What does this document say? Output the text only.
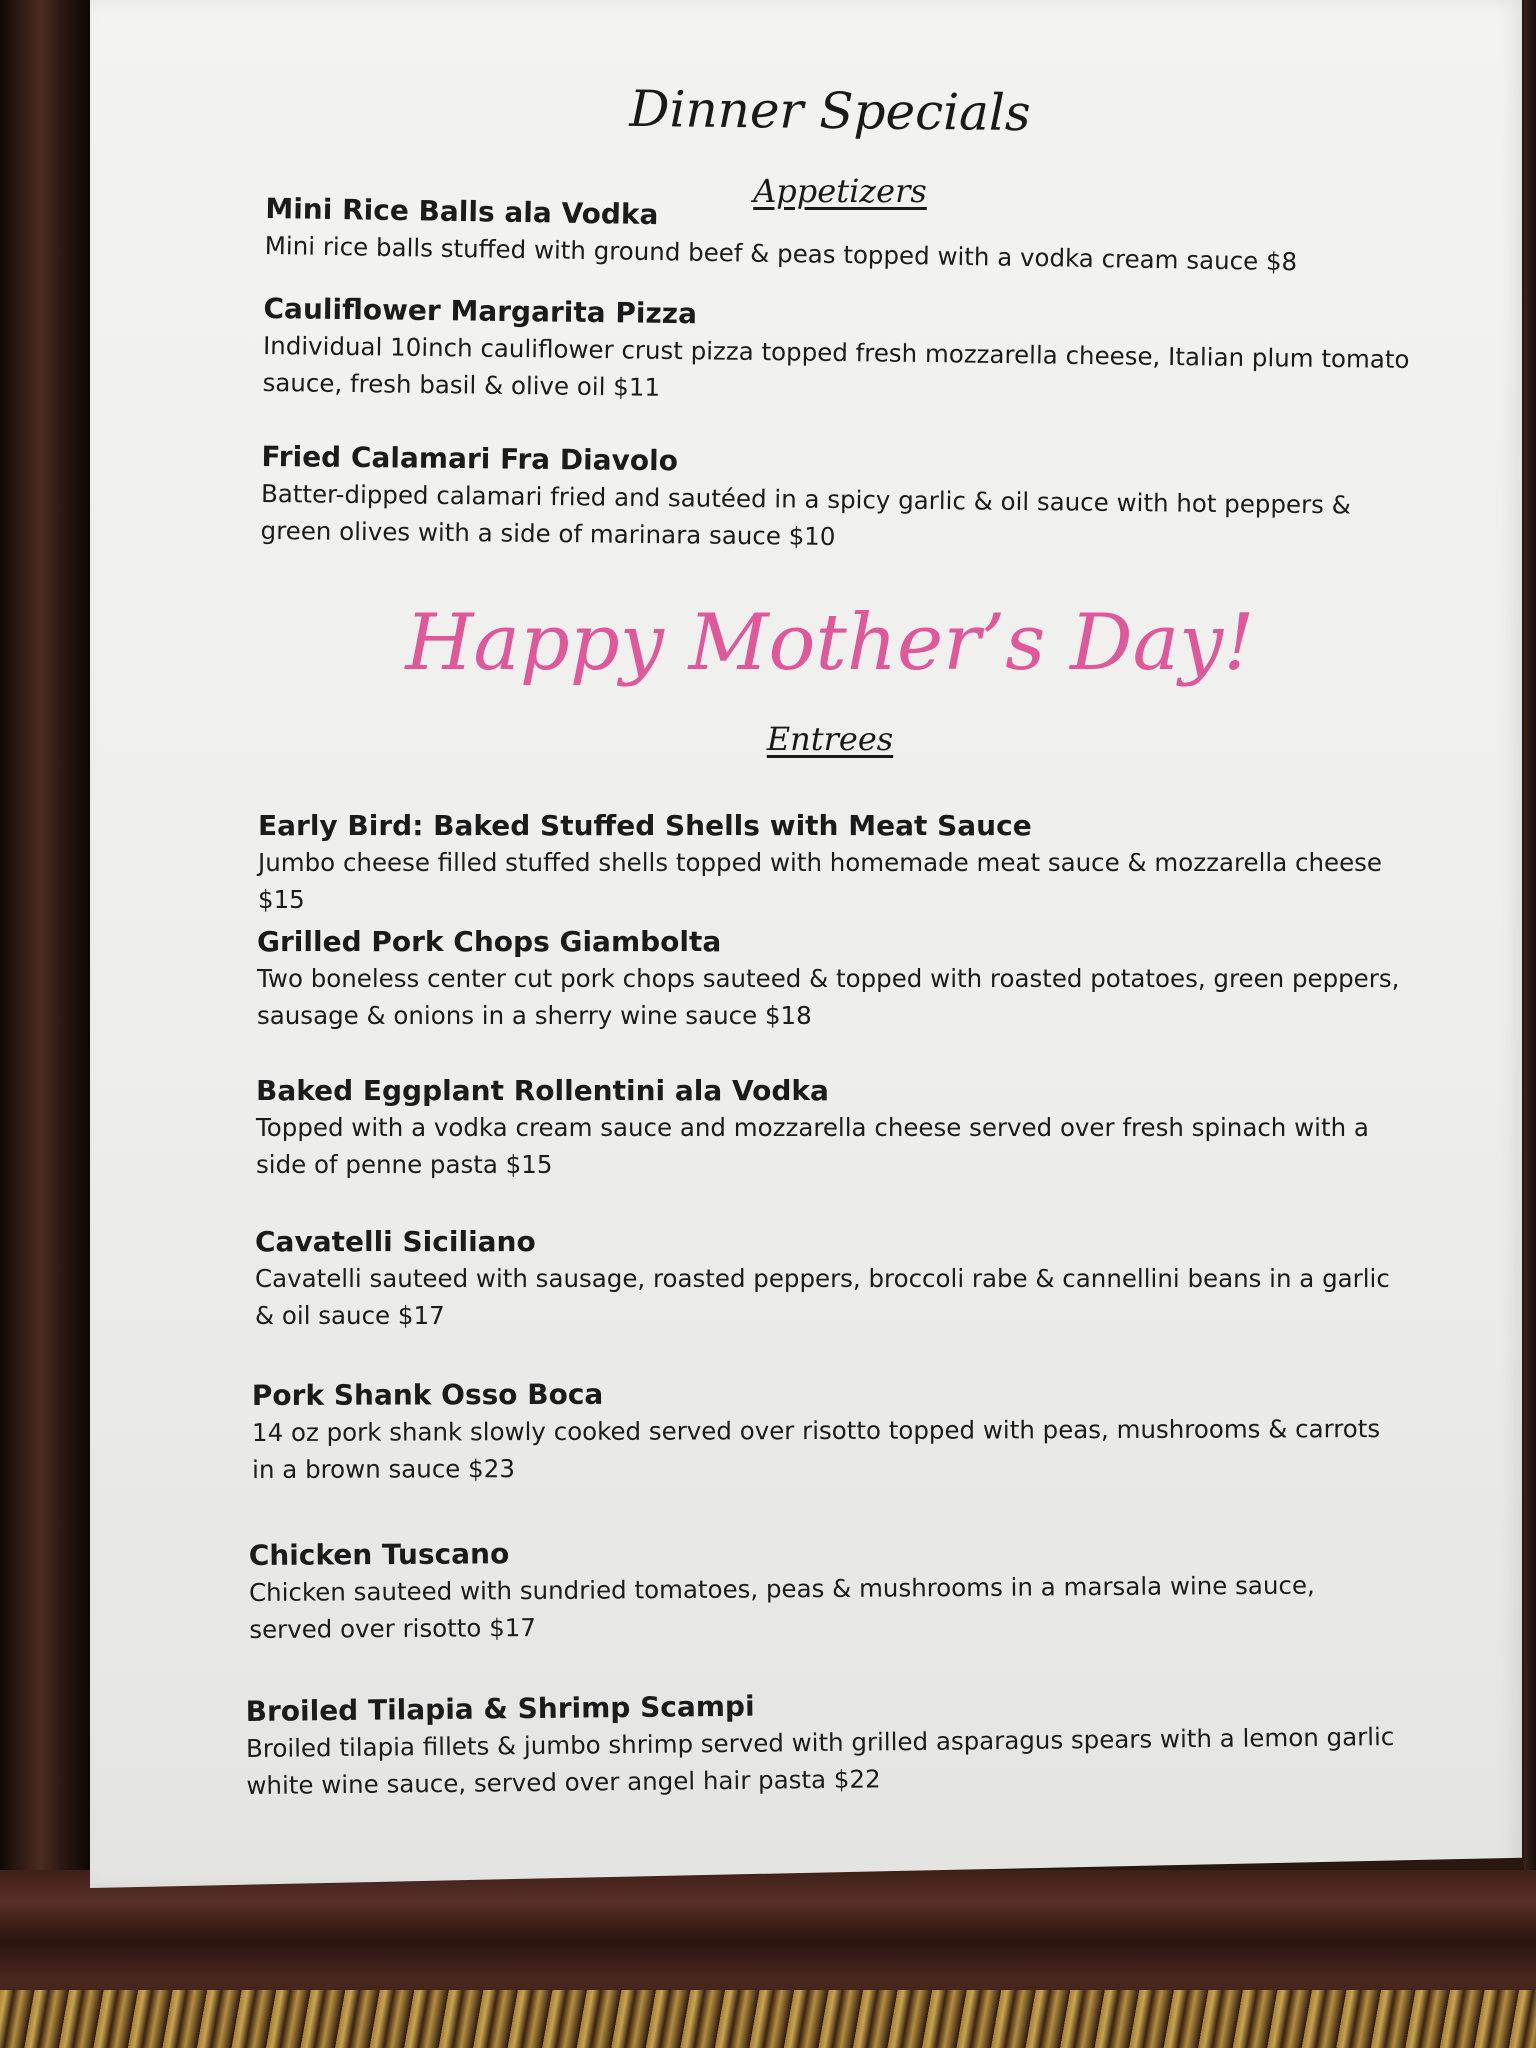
Dinner Specials
Appetizers
Mini Rice Balls ala Vodka
Mini rice balls stuffed with ground beef & peas topped with a vodka cream sauce $8
Cauliflower Margarita Pizza
Individual 10inch cauliflower crust pizza topped fresh mozzarella cheese, Italian plum tomato sauce, fresh basil & olive oil $11
Fried Calamari Fra Diavolo
Batter-dipped calamari fried and sautéed in a spicy garlic & oil sauce with hot peppers & green olives with a side of marinara sauce $10
Happy Mother’s Day!
Entrees
Early Bird: Baked Stuffed Shells with Meat Sauce
Jumbo cheese filled stuffed shells topped with homemade meat sauce & mozzarella cheese $15
Grilled Pork Chops Giambolta
Two boneless center cut pork chops sauteed & topped with roasted potatoes, green peppers, sausage & onions in a sherry wine sauce $18
Baked Eggplant Rollentini ala Vodka
Topped with a vodka cream sauce and mozzarella cheese served over fresh spinach with a side of penne pasta $15
Cavatelli Siciliano
Cavatelli sauteed with sausage, roasted peppers, broccoli rabe & cannellini beans in a garlic & oil sauce $17
Pork Shank Osso Boca
14 oz pork shank slowly cooked served over risotto topped with peas, mushrooms & carrots in a brown sauce $23
Chicken Tuscano
Chicken sauteed with sundried tomatoes, peas & mushrooms in a marsala wine sauce, served over risotto $17
Broiled Tilapia & Shrimp Scampi
Broiled tilapia fillets & jumbo shrimp served with grilled asparagus spears with a lemon garlic white wine sauce, served over angel hair pasta $22
